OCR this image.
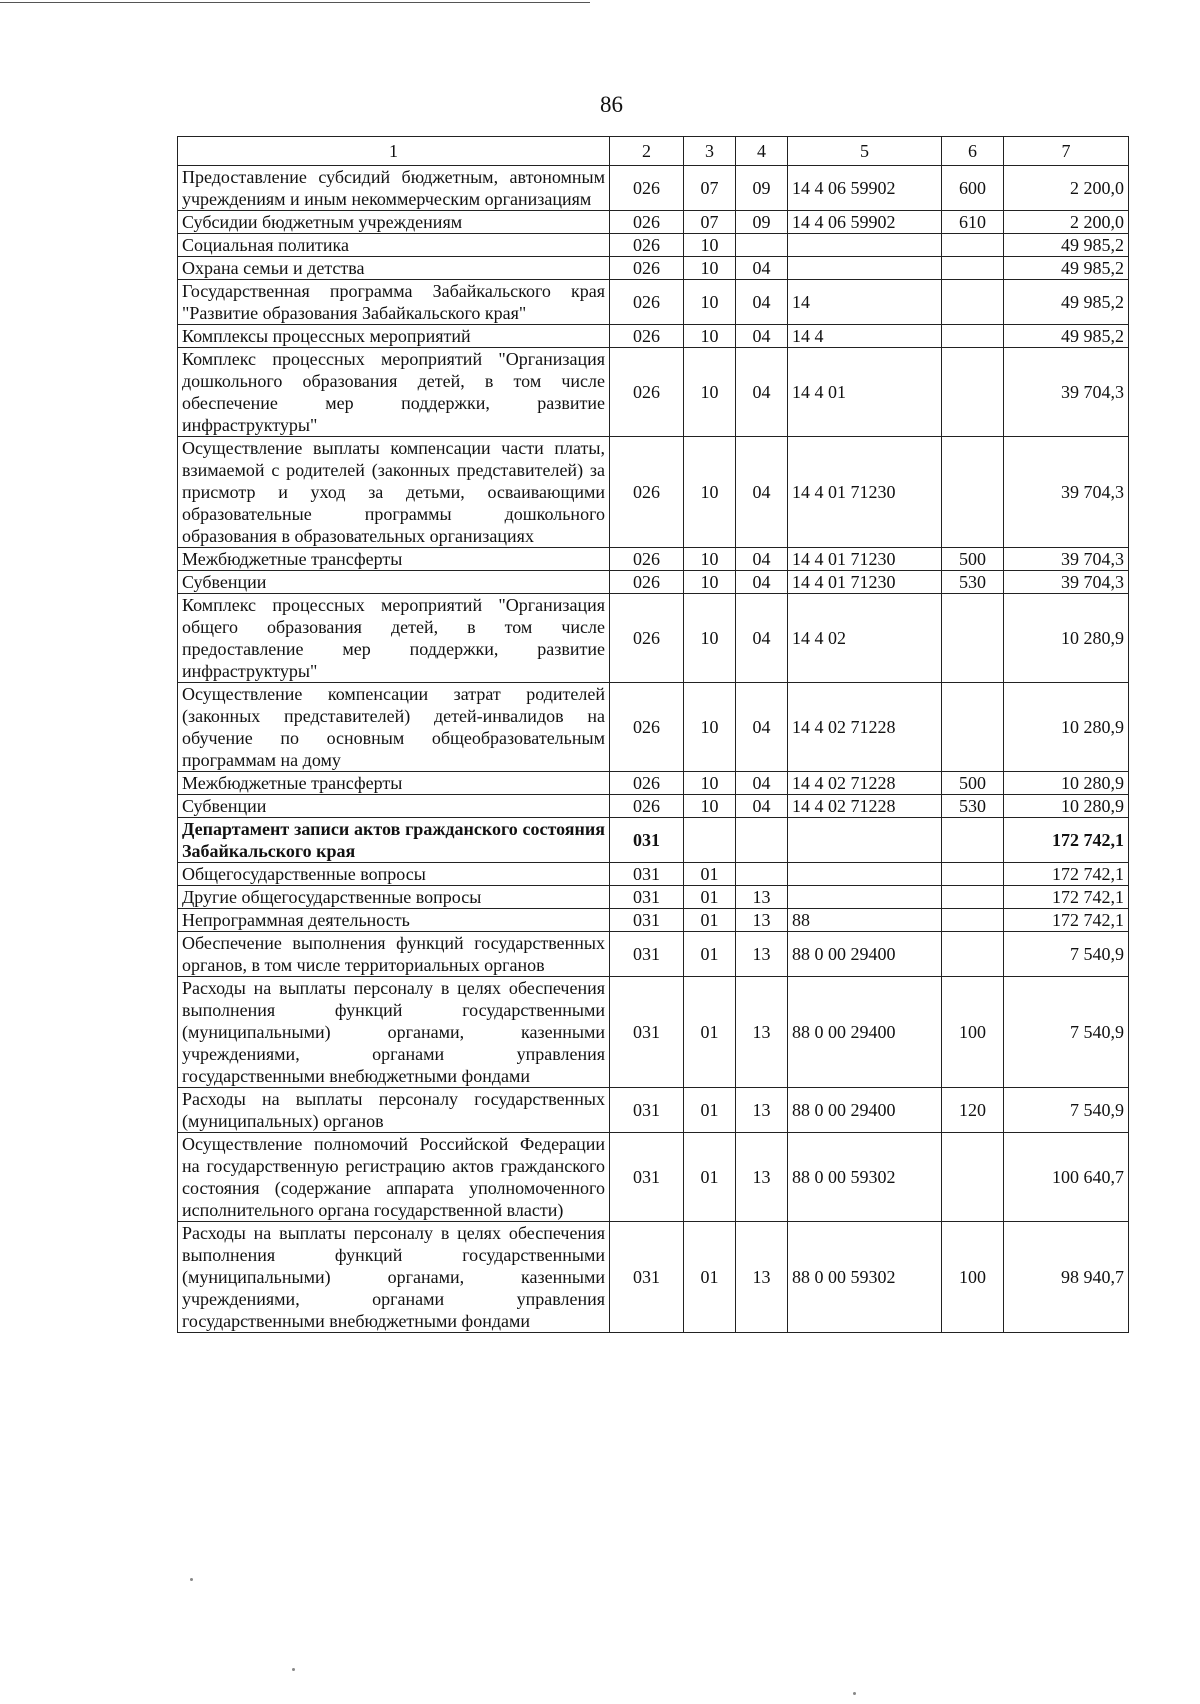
86
1	2	3	4	5	6	7
Предоставление субсидий бюджетным, автономным учреждениям и иным некоммерческим организациям	026	07	09	14 4 06 59902	600	2 200,0
Субсидии бюджетным учреждениям	026	07	09	14 4 06 59902	610	2 200,0
Социальная политика	026	10				49 985,2
Охрана семьи и детства	026	10	04			49 985,2
Государственная программа Забайкальского края "Развитие образования Забайкальского края"	026	10	04	14		49 985,2
Комплексы процессных мероприятий	026	10	04	14 4		49 985,2
Комплекс процессных мероприятий "Организация дошкольного образования детей, в том числе обеспечение мер поддержки, развитие инфраструктуры"	026	10	04	14 4 01		39 704,3
Осуществление выплаты компенсации части платы, взимаемой с родителей (законных представителей) за присмотр и уход за детьми, осваивающими образовательные программы дошкольного образования в образовательных организациях	026	10	04	14 4 01 71230		39 704,3
Межбюджетные трансферты	026	10	04	14 4 01 71230	500	39 704,3
Субвенции	026	10	04	14 4 01 71230	530	39 704,3
Комплекс процессных мероприятий "Организация общего образования детей, в том числе предоставление мер поддержки, развитие инфраструктуры"	026	10	04	14 4 02		10 280,9
Осуществление компенсации затрат родителей (законных представителей) детей-инвалидов на обучение по основным общеобразовательным программам на дому	026	10	04	14 4 02 71228		10 280,9
Межбюджетные трансферты	026	10	04	14 4 02 71228	500	10 280,9
Субвенции	026	10	04	14 4 02 71228	530	10 280,9
Департамент записи актов гражданского состояния Забайкальского края	031					172 742,1
Общегосударственные вопросы	031	01				172 742,1
Другие общегосударственные вопросы	031	01	13			172 742,1
Непрограммная деятельность	031	01	13	88		172 742,1
Обеспечение выполнения функций государственных органов, в том числе территориальных органов	031	01	13	88 0 00 29400		7 540,9
Расходы на выплаты персоналу в целях обеспечения выполнения функций государственными (муниципальными) органами, казенными учреждениями, органами управления государственными внебюджетными фондами	031	01	13	88 0 00 29400	100	7 540,9
Расходы на выплаты персоналу государственных (муниципальных) органов	031	01	13	88 0 00 29400	120	7 540,9
Осуществление полномочий Российской Федерации на государственную регистрацию актов гражданского состояния (содержание аппарата уполномоченного исполнительного органа государственной власти)	031	01	13	88 0 00 59302		100 640,7
Расходы на выплаты персоналу в целях обеспечения выполнения функций государственными (муниципальными) органами, казенными учреждениями, органами управления государственными внебюджетными фондами	031	01	13	88 0 00 59302	100	98 940,7
